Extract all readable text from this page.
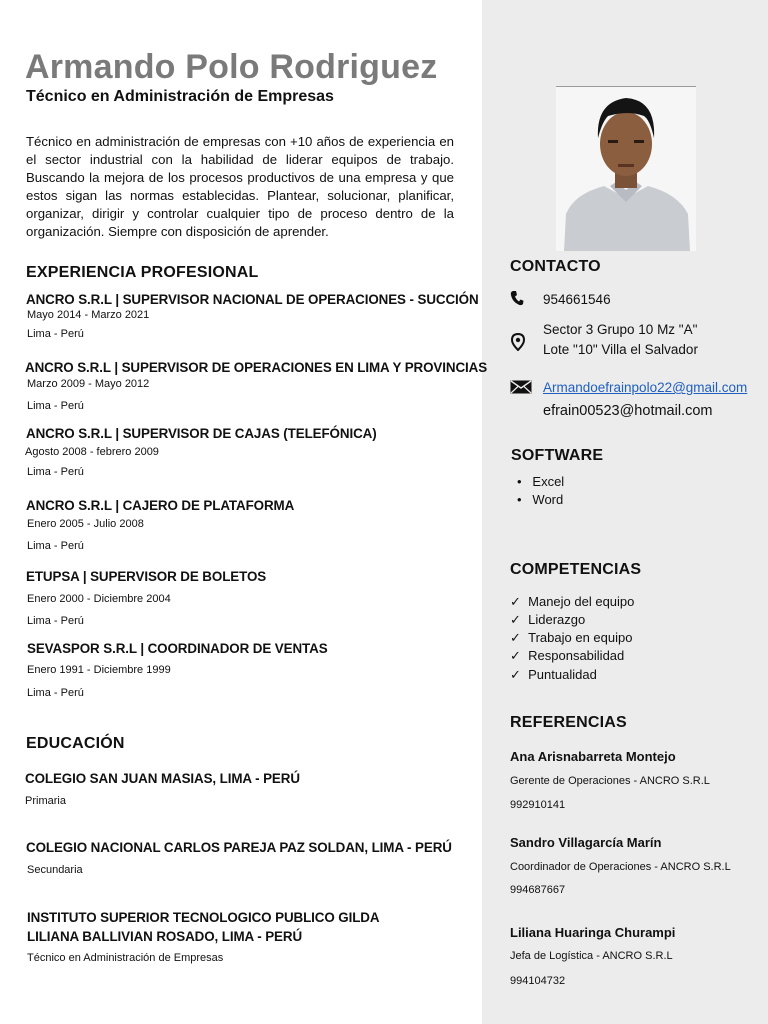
Armando Polo Rodriguez
Técnico en Administración de Empresas
Técnico en administración de empresas con +10 años de experiencia en el sector industrial con la habilidad de liderar equipos de trabajo. Buscando la mejora de los procesos productivos de una empresa y que estos sigan las normas establecidas. Plantear, solucionar, planificar, organizar, dirigir y controlar cualquier tipo de proceso dentro de la organización. Siempre con disposición de aprender.
EXPERIENCIA PROFESIONAL
ANCRO S.R.L | SUPERVISOR NACIONAL DE OPERACIONES - SUCCIÓN
Mayo 2014 - Marzo 2021
Lima - Perú
ANCRO S.R.L | SUPERVISOR DE OPERACIONES EN LIMA Y PROVINCIAS
Marzo 2009 - Mayo 2012
Lima - Perú
ANCRO S.R.L | SUPERVISOR DE CAJAS (TELEFÓNICA)
Agosto 2008 - febrero 2009
Lima - Perú
ANCRO S.R.L | CAJERO DE PLATAFORMA
Enero 2005 - Julio 2008
Lima - Perú
ETUPSA | SUPERVISOR DE BOLETOS
Enero 2000 - Diciembre 2004
Lima - Perú
SEVASPOR S.R.L | COORDINADOR DE VENTAS
Enero 1991 - Diciembre 1999
Lima - Perú
EDUCACIÓN
COLEGIO SAN JUAN MASIAS, LIMA - PERÚ
Primaria
COLEGIO NACIONAL CARLOS PAREJA PAZ SOLDAN, LIMA - PERÚ
Secundaria
INSTITUTO SUPERIOR TECNOLOGICO PUBLICO GILDA
LILIANA BALLIVIAN ROSADO, LIMA - PERÚ
Técnico en Administración de Empresas
CONTACTO
954661546
Sector 3 Grupo 10 Mz "A"
Lote "10" Villa el Salvador
Armandoefrainpolo22@gmail.com
efrain00523@hotmail.com
SOFTWARE
• Excel
• Word
COMPETENCIAS
✓ Manejo del equipo
✓ Liderazgo
✓ Trabajo en equipo
✓ Responsabilidad
✓ Puntualidad
REFERENCIAS
Ana Arisnabarreta Montejo
Gerente de Operaciones - ANCRO S.R.L
992910141
Sandro Villagarcía Marín
Coordinador de Operaciones - ANCRO S.R.L
994687667
Liliana Huaringa Churampi
Jefa de Logística - ANCRO S.R.L
994104732
